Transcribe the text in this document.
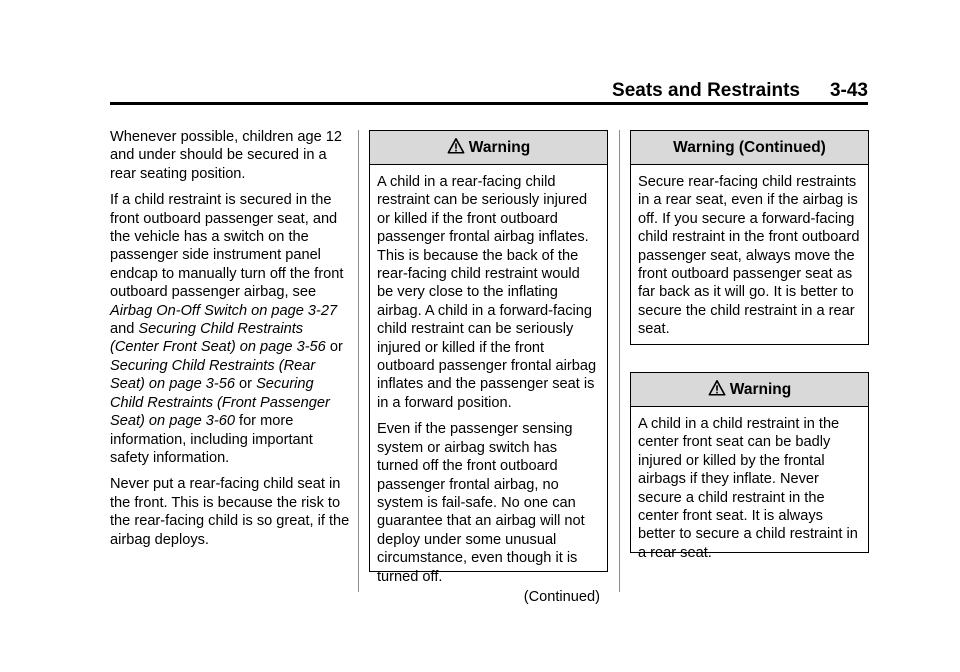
Seats and Restraints 3-43

Whenever possible, children age 12 and under should be secured in a rear seating position.

If a child restraint is secured in the front outboard passenger seat, and the vehicle has a switch on the passenger side instrument panel endcap to manually turn off the front outboard passenger airbag, see Airbag On-Off Switch on page 3-27 and Securing Child Restraints (Center Front Seat) on page 3-56 or Securing Child Restraints (Rear Seat) on page 3-56 or Securing Child Restraints (Front Passenger Seat) on page 3-60 for more information, including important safety information.

Never put a rear-facing child seat in the front. This is because the risk to the rear-facing child is so great, if the airbag deploys.

Warning

A child in a rear-facing child restraint can be seriously injured or killed if the front outboard passenger frontal airbag inflates. This is because the back of the rear-facing child restraint would be very close to the inflating airbag. A child in a forward-facing child restraint can be seriously injured or killed if the front outboard passenger frontal airbag inflates and the passenger seat is in a forward position.

Even if the passenger sensing system or airbag switch has turned off the front outboard passenger frontal airbag, no system is fail-safe. No one can guarantee that an airbag will not deploy under some unusual circumstance, even though it is turned off.

(Continued)

Warning (Continued)

Secure rear-facing child restraints in a rear seat, even if the airbag is off. If you secure a forward-facing child restraint in the front outboard passenger seat, always move the front outboard passenger seat as far back as it will go. It is better to secure the child restraint in a rear seat.

Warning

A child in a child restraint in the center front seat can be badly injured or killed by the frontal airbags if they inflate. Never secure a child restraint in the center front seat. It is always better to secure a child restraint in a rear seat.
